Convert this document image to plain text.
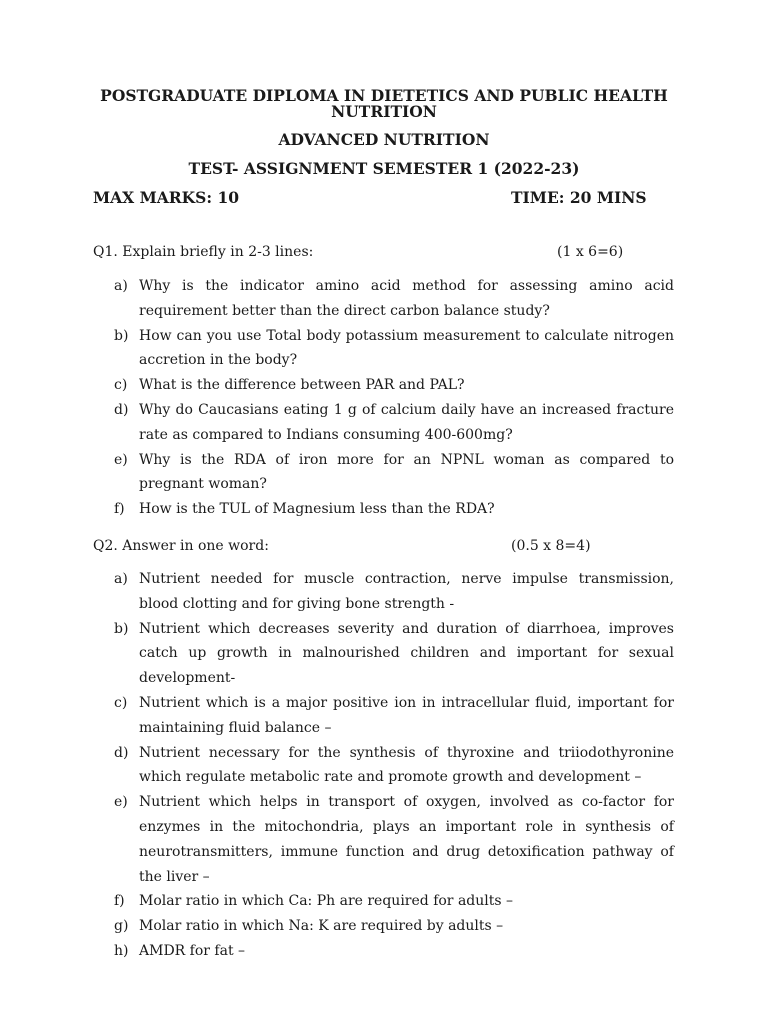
POSTGRADUATE DIPLOMA IN DIETETICS AND PUBLIC HEALTH NUTRITION
ADVANCED NUTRITION
TEST- ASSIGNMENT SEMESTER 1 (2022-23)
MAX MARKS: 10	TIME: 20 MINS
Q1. Explain briefly in 2-3 lines:	(1 x 6=6)
a) Why is the indicator amino acid method for assessing amino acid requirement better than the direct carbon balance study?
b) How can you use Total body potassium measurement to calculate nitrogen accretion in the body?
c) What is the difference between PAR and PAL?
d) Why do Caucasians eating 1 g of calcium daily have an increased fracture rate as compared to Indians consuming 400-600mg?
e) Why is the RDA of iron more for an NPNL woman as compared to pregnant woman?
f) How is the TUL of Magnesium less than the RDA?
Q2. Answer in one word:	(0.5 x 8=4)
a) Nutrient needed for muscle contraction, nerve impulse transmission, blood clotting and for giving bone strength -
b) Nutrient which decreases severity and duration of diarrhoea, improves catch up growth in malnourished children and important for sexual development-
c) Nutrient which is a major positive ion in intracellular fluid, important for maintaining fluid balance –
d) Nutrient necessary for the synthesis of thyroxine and triiodothyronine which regulate metabolic rate and promote growth and development –
e) Nutrient which helps in transport of oxygen, involved as co-factor for enzymes in the mitochondria, plays an important role in synthesis of neurotransmitters, immune function and drug detoxification pathway of the liver –
f) Molar ratio in which Ca: Ph are required for adults –
g) Molar ratio in which Na: K are required by adults –
h) AMDR for fat –
